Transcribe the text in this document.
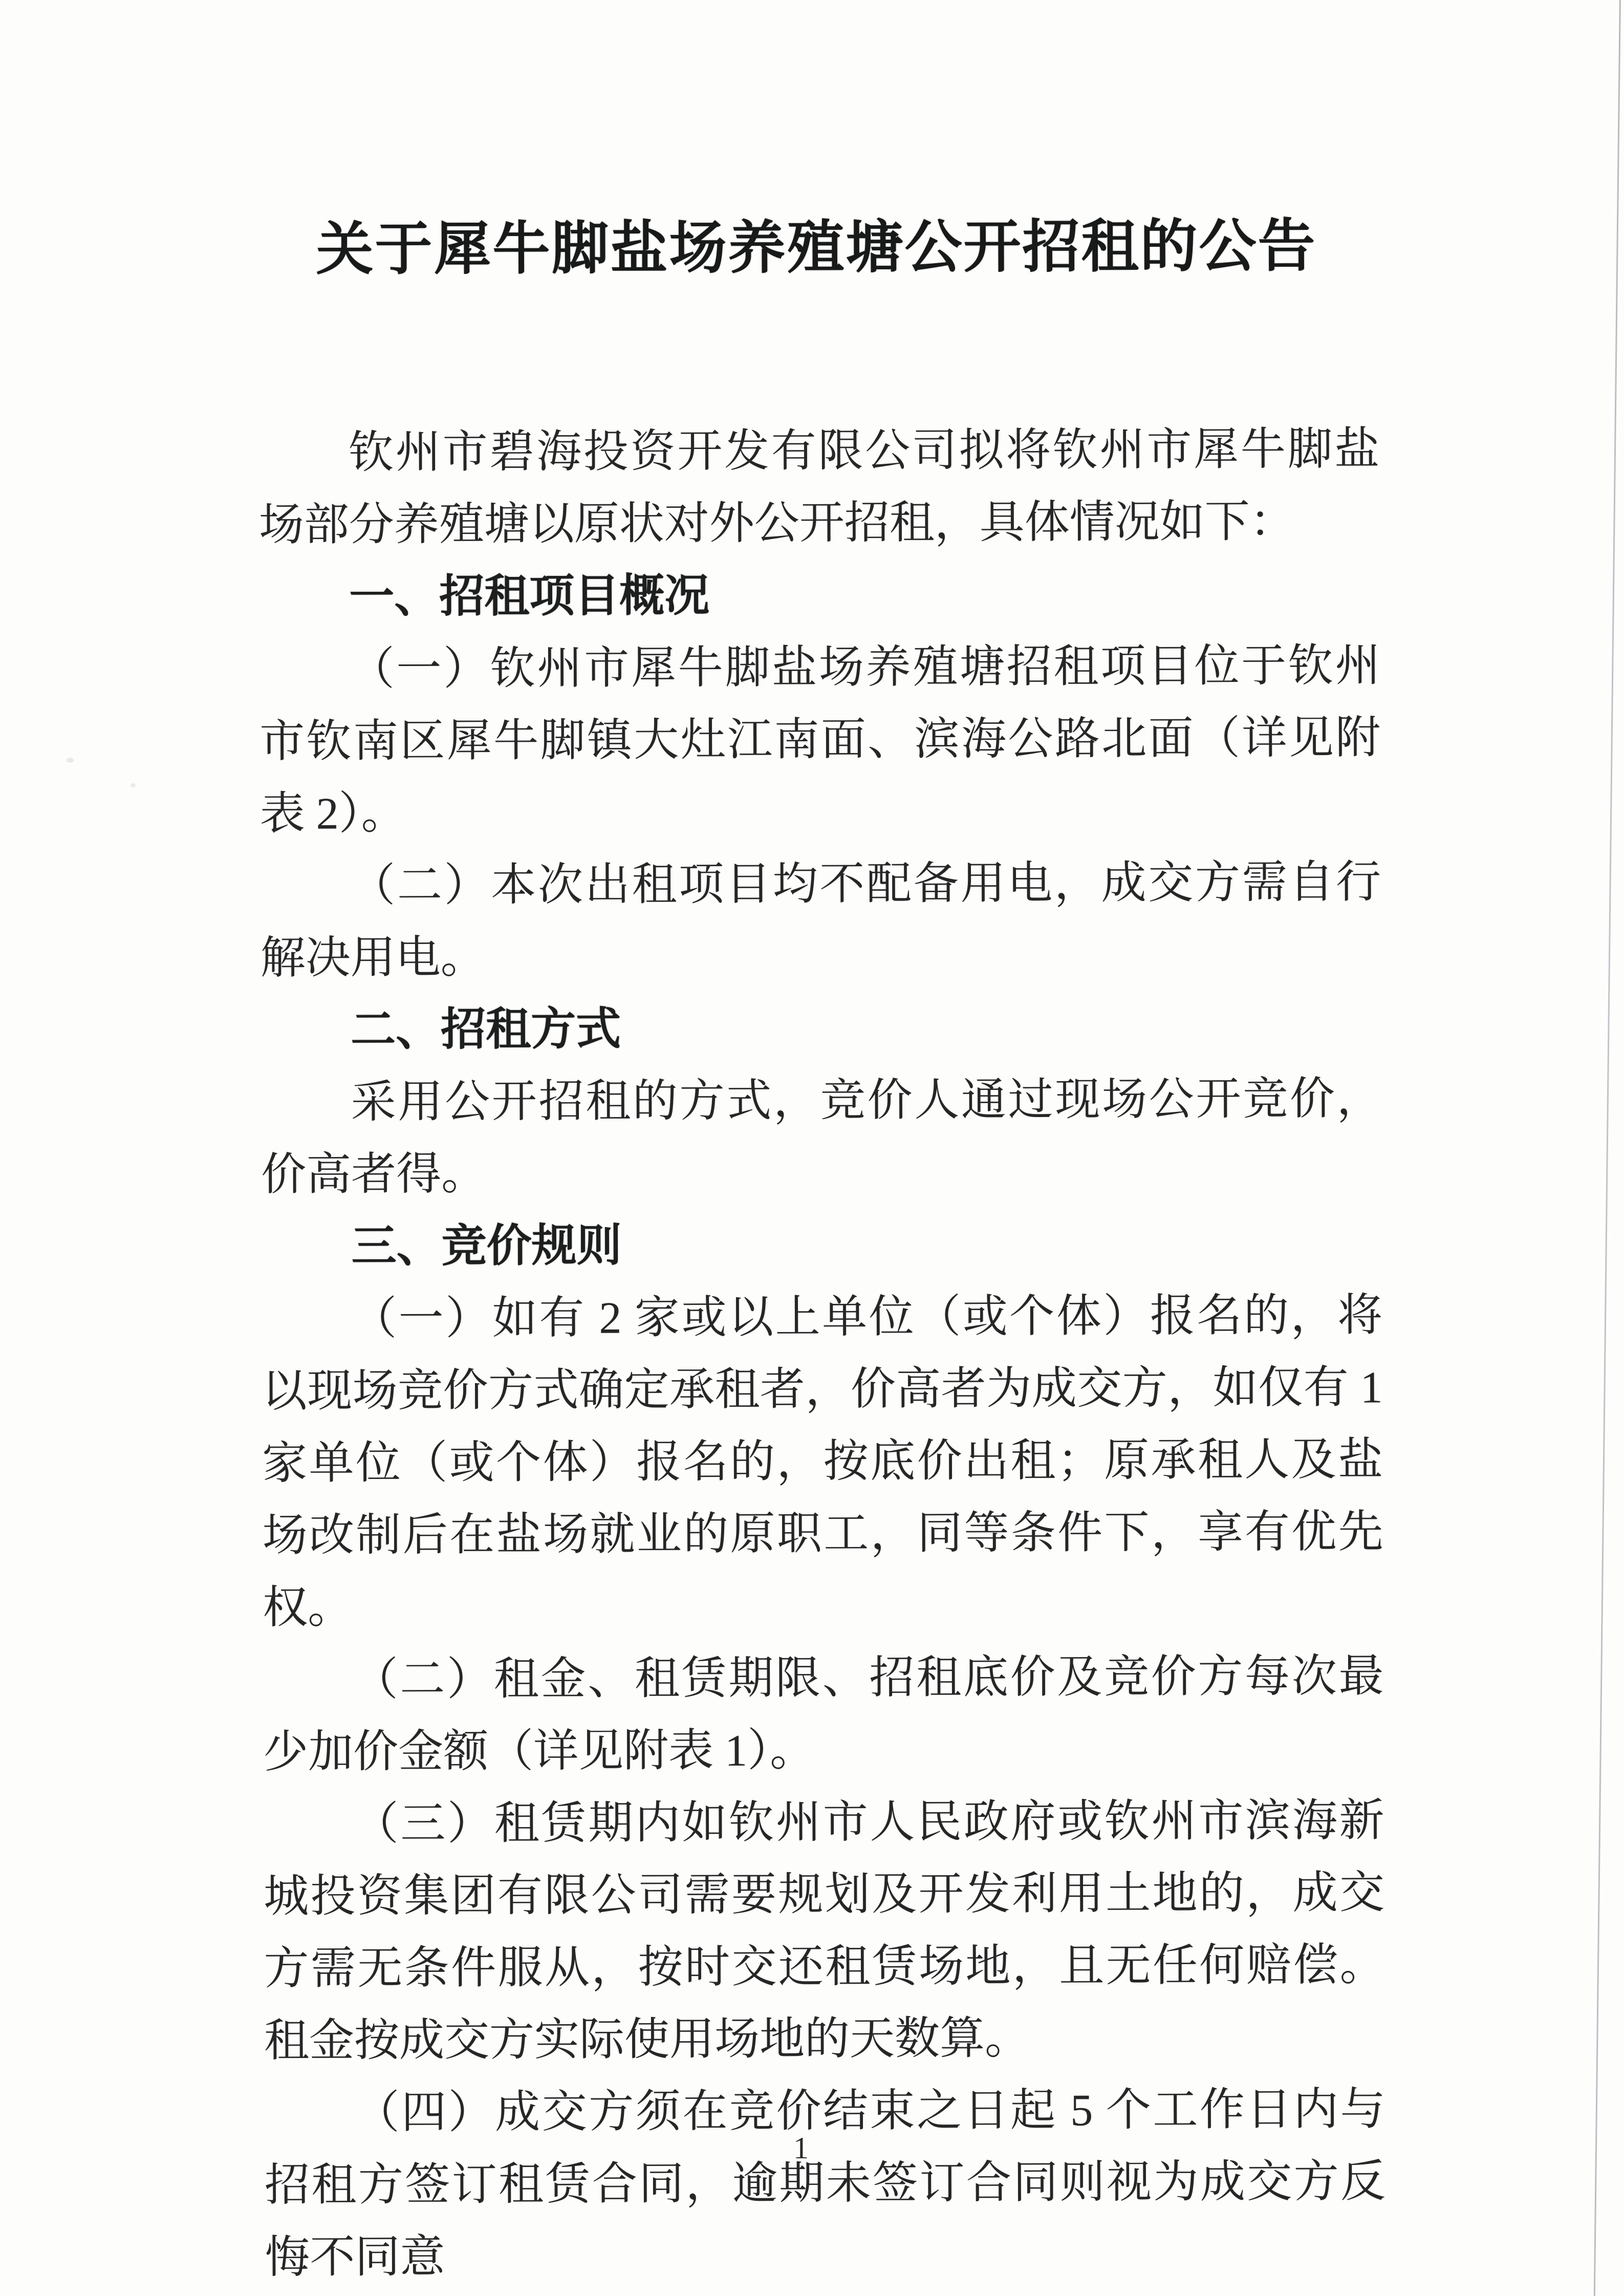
关于犀牛脚盐场养殖塘公开招租的公告

钦州市碧海投资开发有限公司拟将钦州市犀牛脚盐场部分养殖塘以原状对外公开招租，具体情况如下：

一、招租项目概况

（一）钦州市犀牛脚盐场养殖塘招租项目位于钦州市钦南区犀牛脚镇大灶江南面、滨海公路北面（详见附表 2）。

（二）本次出租项目均不配备用电，成交方需自行解决用电。

二、招租方式

采用公开招租的方式，竞价人通过现场公开竞价，价高者得。

三、竞价规则

（一）如有 2 家或以上单位（或个体）报名的，将以现场竞价方式确定承租者，价高者为成交方，如仅有 1 家单位（或个体）报名的，按底价出租；原承租人及盐场改制后在盐场就业的原职工，同等条件下，享有优先权。

（二）租金、租赁期限、招租底价及竞价方每次最少加价金额（详见附表 1）。

（三）租赁期内如钦州市人民政府或钦州市滨海新城投资集团有限公司需要规划及开发利用土地的，成交方需无条件服从，按时交还租赁场地，且无任何赔偿。租金按成交方实际使用场地的天数算。

（四）成交方须在竞价结束之日起 5 个工作日内与招租方签订租赁合同，逾期未签订合同则视为成交方反悔不同意

1
